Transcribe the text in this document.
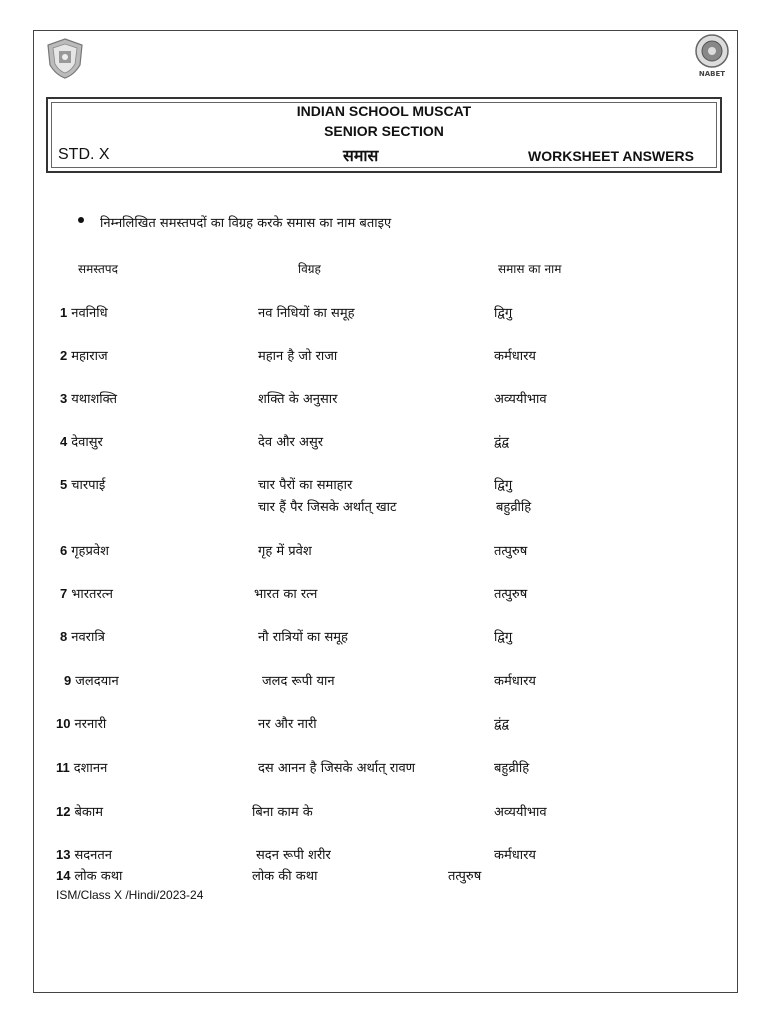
NABET
INDIAN SCHOOL MUSCAT
SENIOR SECTION
STD. X	समास	WORKSHEET ANSWERS
निम्नलिखित समस्तपदों का विग्रह करके समास का नाम बताइए
समस्तपद	विग्रह	समास का नाम
1 नवनिधि	नव निधियों का समूह	द्विगु
2 महाराज	महान है जो राजा	कर्मधारय
3 यथाशक्ति	शक्ति के अनुसार	अव्ययीभाव
4 देवासुर	देव और असुर	द्वंद्व
5 चारपाई	चार पैरों का समाहार	द्विगु
चार हैं पैर जिसके अर्थात् खाट	बहुव्रीहि
6 गृहप्रवेश	गृह में प्रवेश	तत्पुरुष
7 भारतरत्न	भारत का रत्न	तत्पुरुष
8 नवरात्रि	नौ रात्रियों का समूह	द्विगु
9 जलदयान	जलद रूपी यान	कर्मधारय
10 नरनारी	नर और नारी	द्वंद्व
11 दशानन	दस आनन है जिसके अर्थात् रावण	बहुव्रीहि
12 बेकाम	बिना काम के	अव्ययीभाव
13 सदनतन	सदन रूपी शरीर	कर्मधारय
14 लोक कथा	लोक की कथा	तत्पुरुष
ISM/Class X /Hindi/2023-24
